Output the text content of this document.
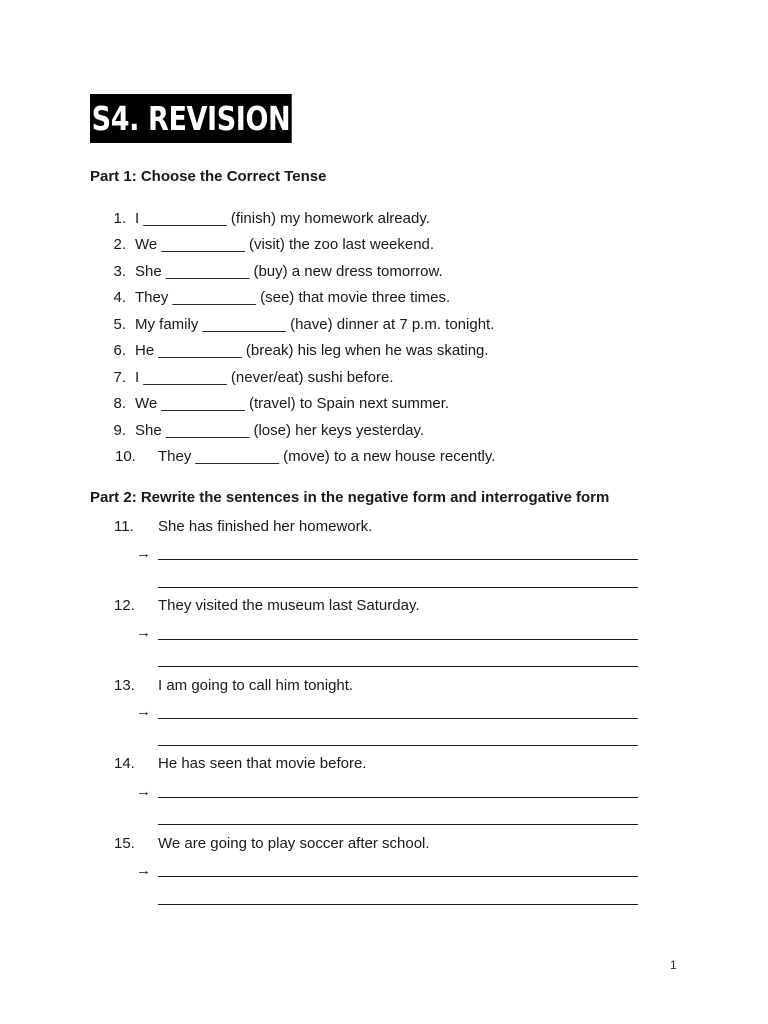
S4. REVISION
Part 1: Choose the Correct Tense
1. I __________ (finish) my homework already.
2. We __________ (visit) the zoo last weekend.
3. She __________ (buy) a new dress tomorrow.
4. They __________ (see) that movie three times.
5. My family __________ (have) dinner at 7 p.m. tonight.
6. He __________ (break) his leg when he was skating.
7. I __________ (never/eat) sushi before.
8. We __________ (travel) to Spain next summer.
9. She __________ (lose) her keys yesterday.
10. They __________ (move) to a new house recently.
Part 2: Rewrite the sentences in the negative form and interrogative form
11. She has finished her homework.
→
12. They visited the museum last Saturday.
→
13. I am going to call him tonight.
→
14. He has seen that movie before.
→
15. We are going to play soccer after school.
→
1
